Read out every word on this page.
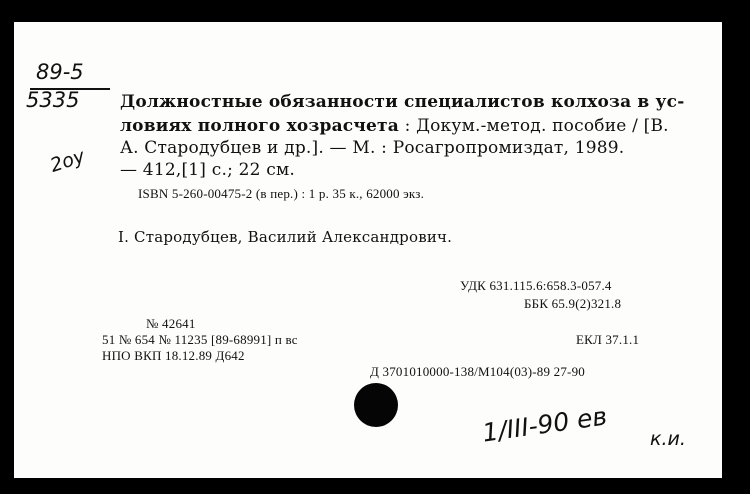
89-5
5335
2оу
Должностные обязанности специалистов колхоза в ус-
ловиях полного хозрасчета : Докум.-метод. пособие / [В.
А. Стародубцев и др.]. — М. : Росагропромиздат, 1989.
— 412,[1] с.; 22 см.
ISBN 5-260-00475-2 (в пер.) : 1 р. 35 к., 62000 экз.
I. Стародубцев, Василий Александрович.
УДК 631.115.6:658.3-057.4
ББК 65.9(2)321.8
№ 42641
51 № 654 № 11235 [89-68991] п вс	ЕКЛ 37.1.1
НПО ВКП 18.12.89 Д642
Д 3701010000-138/М104(03)-89 27-90
1/III-90 ев к.и.
